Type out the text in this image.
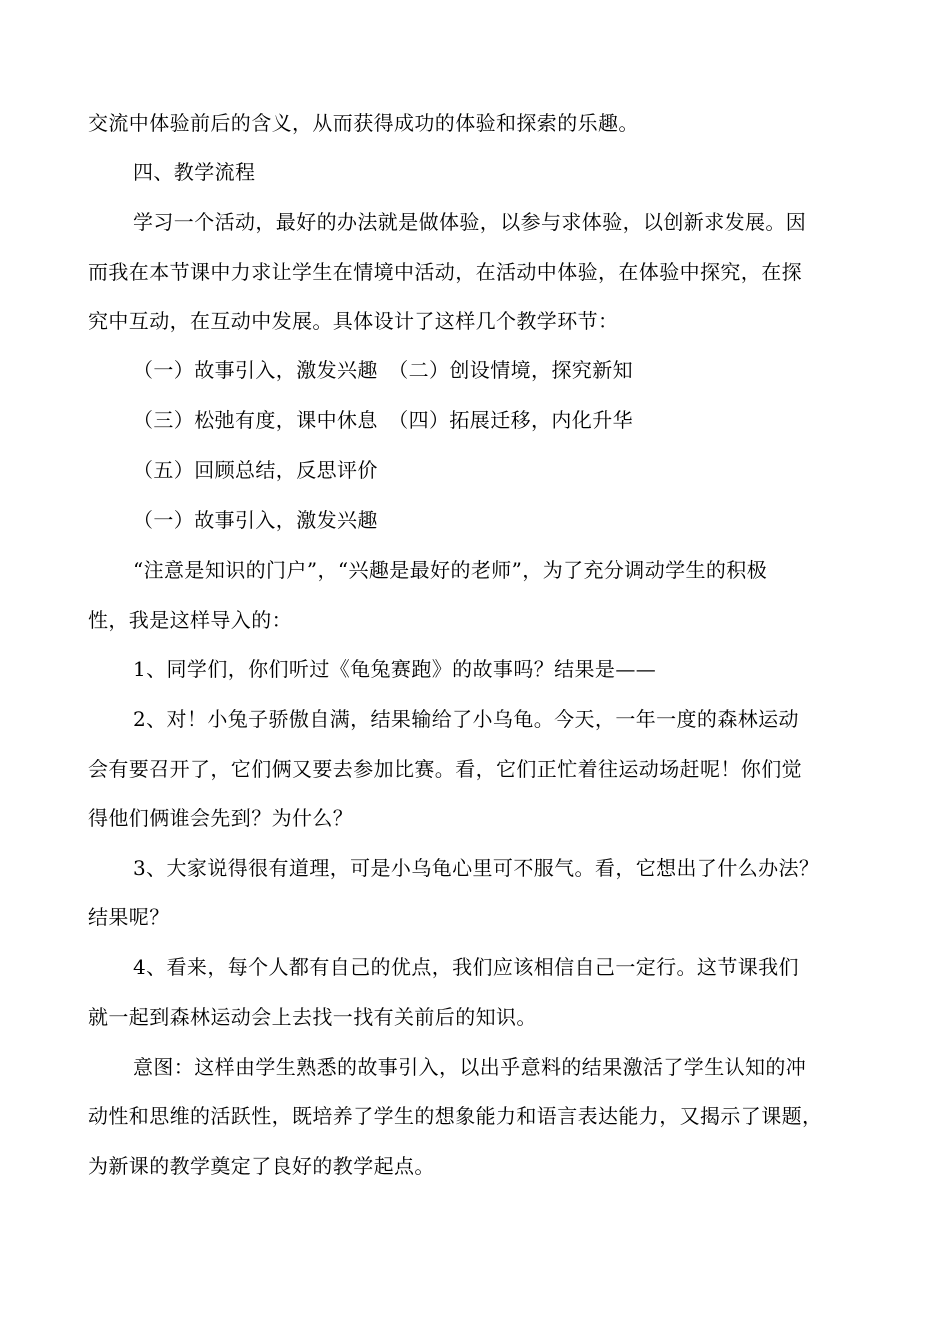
交流中体验前后的含义，从而获得成功的体验和探索的乐趣。
四、教学流程
学习一个活动，最好的办法就是做体验，以参与求体验，以创新求发展。因
而我在本节课中力求让学生在情境中活动，在活动中体验，在体验中探究，在探
究中互动，在互动中发展。具体设计了这样几个教学环节：
（一）故事引入，激发兴趣　（二）创设情境，探究新知
（三）松弛有度，课中休息　（四）拓展迁移，内化升华
（五）回顾总结，反思评价
（一）故事引入，激发兴趣
“注意是知识的门户”，“兴趣是最好的老师”，为了充分调动学生的积极
性，我是这样导入的：
1、同学们，你们听过《龟兔赛跑》的故事吗？结果是——
2、对！小兔子骄傲自满，结果输给了小乌龟。今天，一年一度的森林运动
会有要召开了，它们俩又要去参加比赛。看，它们正忙着往运动场赶呢！你们觉
得他们俩谁会先到？为什么？
3、大家说得很有道理，可是小乌龟心里可不服气。看，它想出了什么办法？
结果呢？
4、看来，每个人都有自己的优点，我们应该相信自己一定行。这节课我们
就一起到森林运动会上去找一找有关前后的知识。
意图：这样由学生熟悉的故事引入，以出乎意料的结果激活了学生认知的冲
动性和思维的活跃性，既培养了学生的想象能力和语言表达能力，又揭示了课题，
为新课的教学奠定了良好的教学起点。
